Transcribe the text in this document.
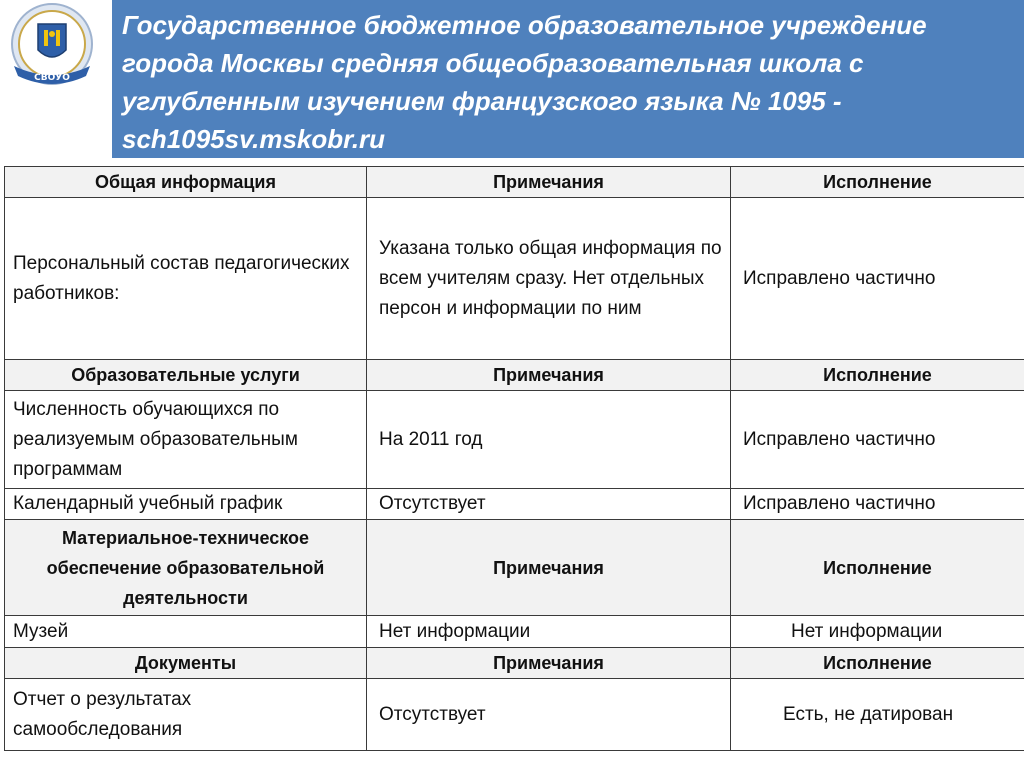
СВОУО

Государственное бюджетное образовательное учреждение города Москвы средняя общеобразовательная школа с углубленным изучением французского языка № 1095 - sch1095sv.mskobr.ru

Общая информация	Примечания	Исполнение
Персональный состав педагогических работников:	Указана только общая информация по всем учителям сразу. Нет отдельных персон и информации по ним	Исправлено частично
Образовательные услуги	Примечания	Исполнение
Численность обучающихся по реализуемым образовательным программам	На 2011 год	Исправлено частично
Календарный учебный график	Отсутствует	Исправлено частично
Материальное-техническое обеспечение образовательной деятельности	Примечания	Исполнение
Музей	Нет информации	Нет информации
Документы	Примечания	Исполнение
Отчет о результатах самообследования	Отсутствует	Есть, не датирован
